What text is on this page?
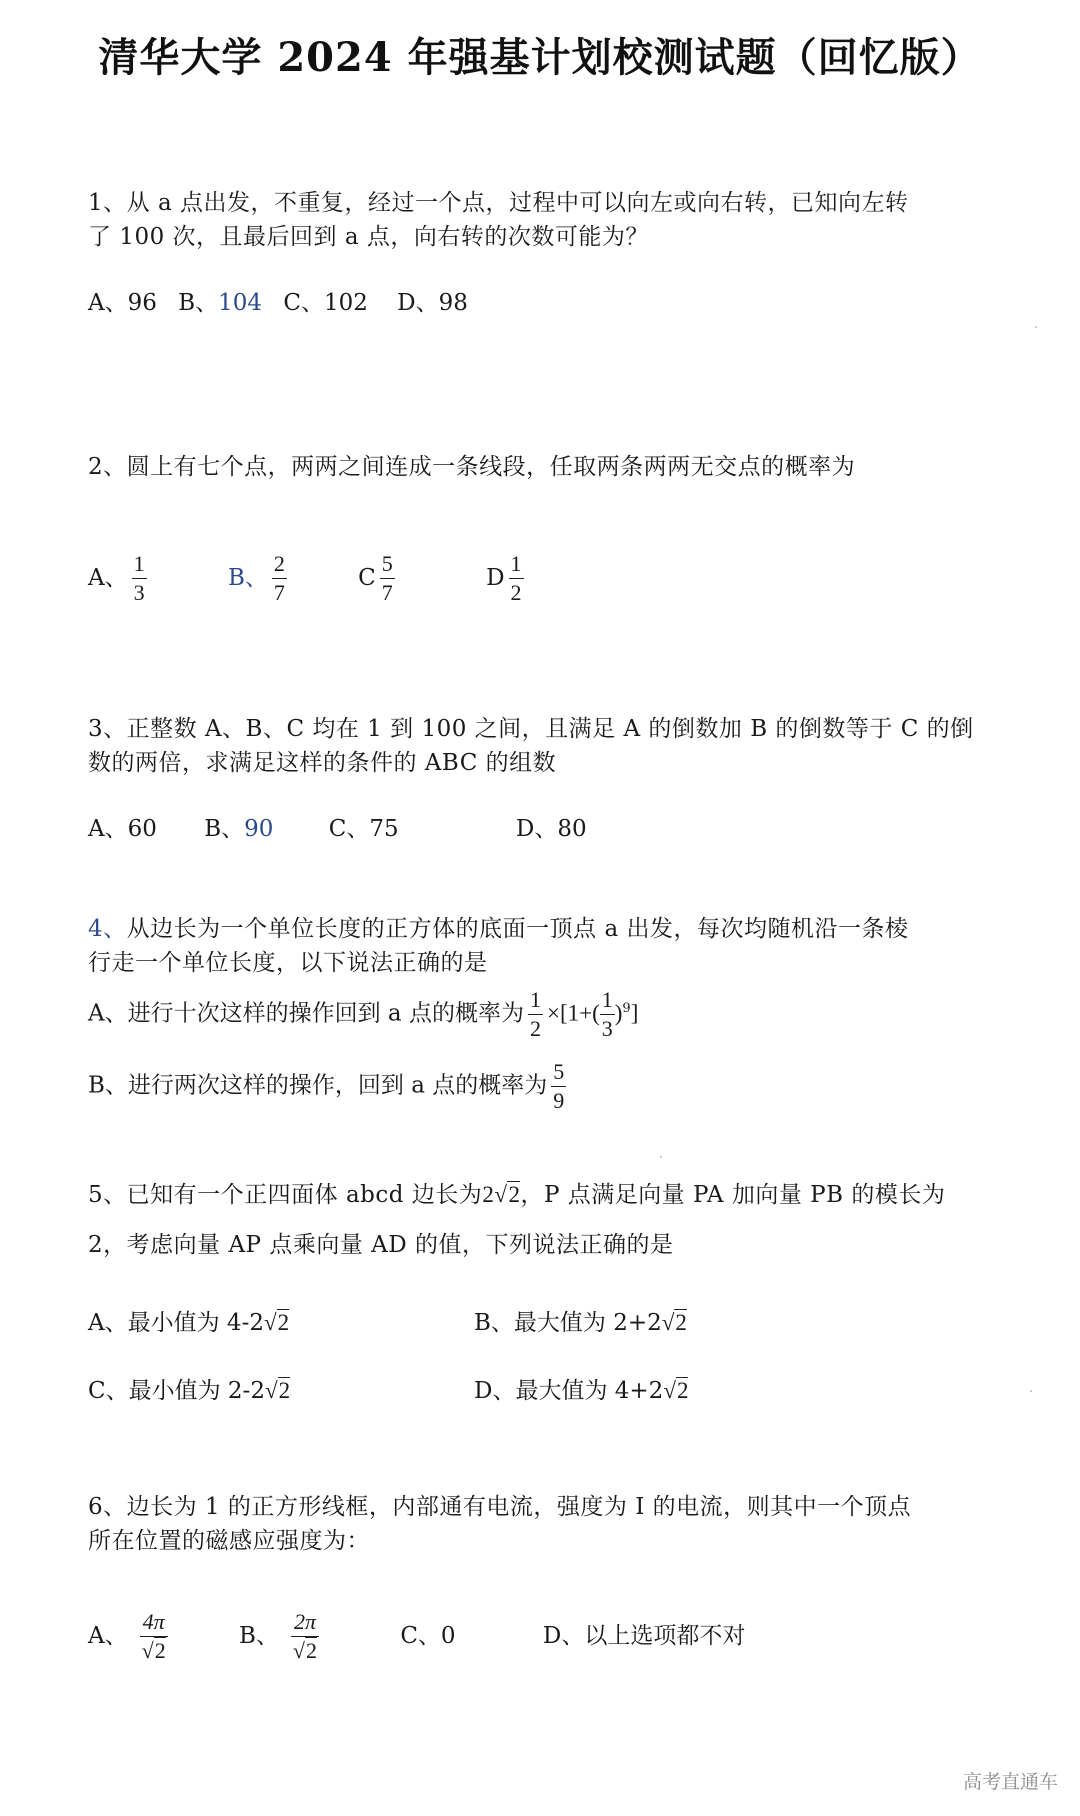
清华大学 2024 年强基计划校测试题（回忆版）
1、从 a 点出发，不重复，经过一个点，过程中可以向左或向右转，已知向左转
了 100 次，且最后回到 a 点，向右转的次数可能为？
A、96 B、104 C、102 D、98
2、圆上有七个点，两两之间连成一条线段，任取两条两两无交点的概率为
A、 $\frac{1}{3}$	B、 $\frac{2}{7}$	C $\frac{5}{7}$	D $\frac{1}{2}$
3、正整数 A、B、C 均在 1 到 100 之间，且满足 A 的倒数加 B 的倒数等于 C 的倒
数的两倍，求满足这样的条件的 ABC 的组数
A、60 B、90 C、75	D、80
4、从边长为一个单位长度的正方体的底面一顶点 a 出发，每次均随机沿一条棱
行走一个单位长度，以下说法正确的是
A、进行十次这样的操作回到 a 点的概率为 $\frac{1}{2} \times[1+( \frac{1}{3} )^9]$
B、进行两次这样的操作，回到 a 点的概率为 $\frac{5}{9}$
5、已知有一个正四面体 abcd 边长为2√2，P 点满足向量 PA 加向量 PB 的模长为
2，考虑向量 AP 点乘向量 AD 的值，下列说法正确的是
A、最小值为 4-2√2	B、最大值为 2+2√2
C、最小值为 2-2√2	D、最大值为 4+2√2
6、边长为 1 的正方形线框，内部通有电流，强度为 I 的电流，则其中一个顶点
所在位置的磁感应强度为：
A、 $\frac{4\pi}{√2}$	B、 $\frac{2\pi}{√2}$	C、0	D、以上选项都不对
高考直通车
